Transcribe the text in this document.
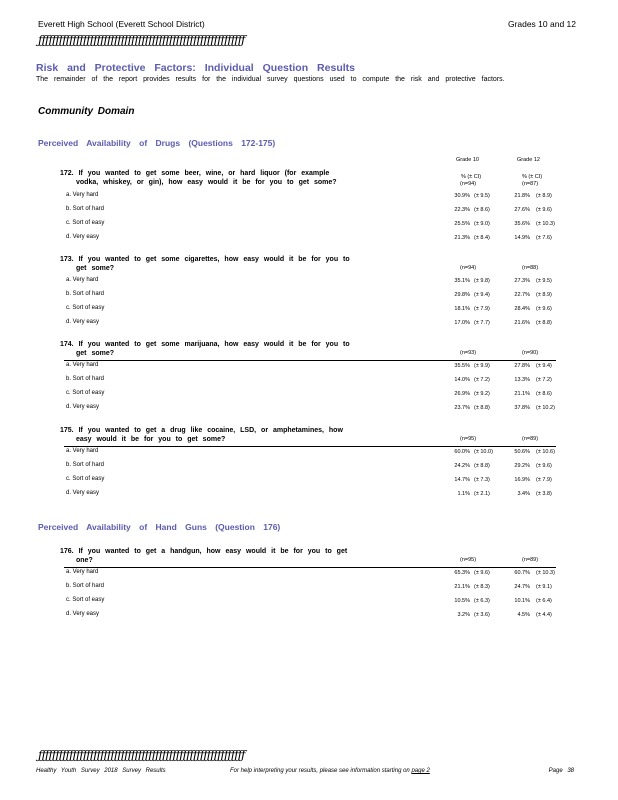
Everett High School (Everett School District)	Grades 10 and 12
ƒƒƒƒƒƒƒƒƒƒƒƒƒƒƒƒƒƒƒƒƒƒƒƒƒƒƒƒƒƒƒƒƒƒƒƒƒƒƒƒƒƒƒƒƒƒƒƒƒƒƒƒƒƒƒƒƒƒƒƒ
Risk and Protective Factors: Individual Question Results
The remainder of the report provides results for the individual survey questions used to compute the risk and protective factors.
Community Domain
Perceived Availability of Drugs (Questions 172-175)
Grade 10	Grade 12
172. If you wanted to get some beer, wine, or hard liquor (for example
vodka, whiskey, or gin), how easy would it be for you to get some?
% (± CI)	% (± CI)
(n=94)	(n=87)
a. Very hard	30.9% (± 9.5)	21.8% (± 8.9)
b. Sort of hard	22.3% (± 8.6)	27.6% (± 9.6)
c. Sort of easy	25.5% (± 9.0)	35.6% (± 10.3)
d. Very easy	21.3% (± 8.4)	14.9% (± 7.6)
173. If you wanted to get some cigarettes, how easy would it be for you to
get some?	(n=94)	(n=88)
a. Very hard	35.1% (± 9.8)	27.3% (± 9.5)
b. Sort of hard	29.8% (± 9.4)	22.7% (± 8.9)
c. Sort of easy	18.1% (± 7.9)	28.4% (± 9.6)
d. Very easy	17.0% (± 7.7)	21.6% (± 8.8)
174. If you wanted to get some marijuana, how easy would it be for you to
get some?	(n=93)	(n=90)
a. Very hard	35.5% (± 9.9)	27.8% (± 9.4)
b. Sort of hard	14.0% (± 7.2)	13.3% (± 7.2)
c. Sort of easy	26.9% (± 9.2)	21.1% (± 8.6)
d. Very easy	23.7% (± 8.8)	37.8% (± 10.2)
175. If you wanted to get a drug like cocaine, LSD, or amphetamines, how
easy would it be for you to get some?	(n=95)	(n=89)
a. Very hard	60.0% (± 10.0)	50.6% (± 10.6)
b. Sort of hard	24.2% (± 8.8)	29.2% (± 9.6)
c. Sort of easy	14.7% (± 7.3)	16.9% (± 7.9)
d. Very easy	1.1% (± 2.1)	3.4% (± 3.8)
176. If you wanted to get a handgun, how easy would it be for you to get
one?	(n=95)	(n=89)
a. Very hard	65.3% (± 9.6)	60.7% (± 10.3)
b. Sort of hard	21.1% (± 8.3)	24.7% (± 9.1)
c. Sort of easy	10.5% (± 6.3)	10.1% (± 6.4)
d. Very easy	3.2% (± 3.6)	4.5% (± 4.4)
Perceived Availability of Hand Guns (Question 176)
ƒƒƒƒƒƒƒƒƒƒƒƒƒƒƒƒƒƒƒƒƒƒƒƒƒƒƒƒƒƒƒƒƒƒƒƒƒƒƒƒƒƒƒƒƒƒƒƒƒƒƒƒƒƒƒƒƒƒƒƒ
Healthy Youth Survey 2018 Survey Results	For help interpreting your results, please see information starting on page 2	Page 38
